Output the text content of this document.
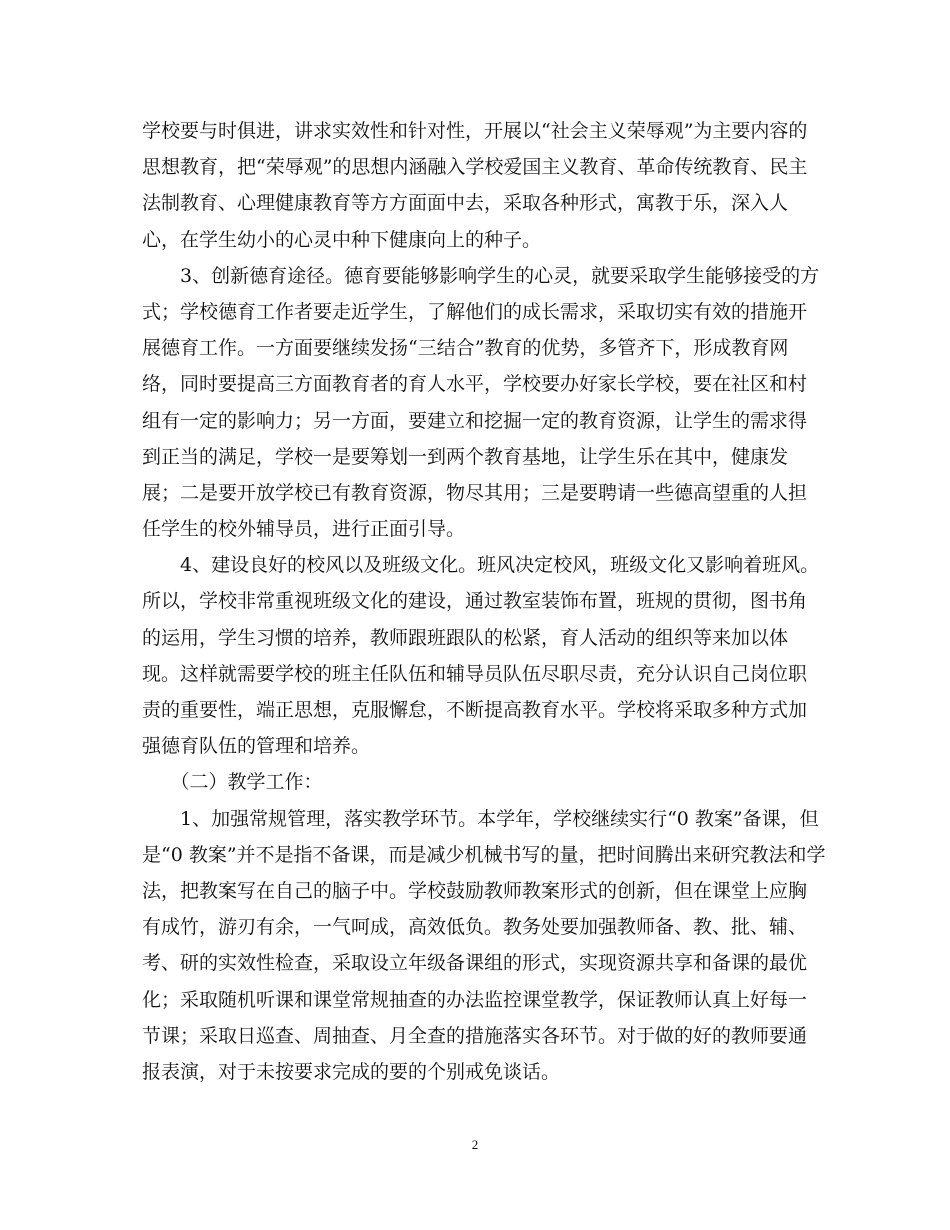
学校要与时俱进，讲求实效性和针对性，开展以“社会主义荣辱观”为主要内容的
思想教育，把“荣辱观”的思想内涵融入学校爱国主义教育、革命传统教育、民主
法制教育、心理健康教育等方方面面中去，采取各种形式，寓教于乐，深入人
心，在学生幼小的心灵中种下健康向上的种子。
　　3、创新德育途径。德育要能够影响学生的心灵，就要采取学生能够接受的方
式；学校德育工作者要走近学生，了解他们的成长需求，采取切实有效的措施开
展德育工作。一方面要继续发扬“三结合”教育的优势，多管齐下，形成教育网
络，同时要提高三方面教育者的育人水平，学校要办好家长学校，要在社区和村
组有一定的影响力；另一方面，要建立和挖掘一定的教育资源，让学生的需求得
到正当的满足，学校一是要筹划一到两个教育基地，让学生乐在其中，健康发
展；二是要开放学校已有教育资源，物尽其用；三是要聘请一些德高望重的人担
任学生的校外辅导员，进行正面引导。
　　4、建设良好的校风以及班级文化。班风决定校风，班级文化又影响着班风。
所以，学校非常重视班级文化的建设，通过教室装饰布置，班规的贯彻，图书角
的运用，学生习惯的培养，教师跟班跟队的松紧，育人活动的组织等来加以体
现。这样就需要学校的班主任队伍和辅导员队伍尽职尽责，充分认识自己岗位职
责的重要性，端正思想，克服懈怠，不断提高教育水平。学校将采取多种方式加
强德育队伍的管理和培养。
　　（二）教学工作：
　　1、加强常规管理，落实教学环节。本学年，学校继续实行“0 教案”备课，但
是“0 教案”并不是指不备课，而是减少机械书写的量，把时间腾出来研究教法和学
法，把教案写在自己的脑子中。学校鼓励教师教案形式的创新，但在课堂上应胸
有成竹，游刃有余，一气呵成，高效低负。教务处要加强教师备、教、批、辅、
考、研的实效性检查，采取设立年级备课组的形式，实现资源共享和备课的最优
化；采取随机听课和课堂常规抽查的办法监控课堂教学，保证教师认真上好每一
节课；采取日巡查、周抽查、月全查的措施落实各环节。对于做的好的教师要通
报表演，对于未按要求完成的要的个别戒免谈话。
2
